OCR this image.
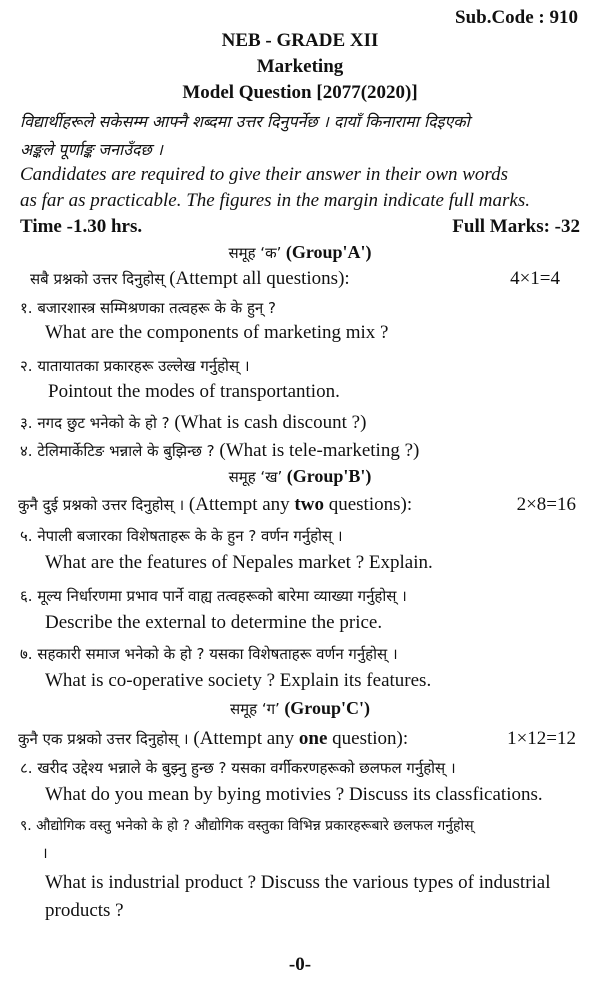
Sub.Code : 910
NEB - GRADE XII
Marketing
Model Question [2077(2020)]
विद्यार्थीहरूले सकेसम्म आफ्नै शब्दमा उत्तर दिनुपर्नेछ । दायाँ किनारामा दिइएको
अङ्कले पूर्णाङ्क जनाउँदछ ।
Candidates are required to give their answer in their own words
as far as practicable. The figures in the margin indicate full marks.
Time -1.30 hrs.	Full Marks: -32
समूह ‘क’ (Group'A')
सबै प्रश्नको उत्तर दिनुहोस् (Attempt all questions):	4×1=4
१. बजारशास्त्र सम्मिश्रणका तत्वहरू के के हुन् ?
What are the components of marketing mix ?
२. यातायातका प्रकारहरू उल्लेख गर्नुहोस् ।
Pointout the modes of transportantion.
३. नगद छुट भनेको के हो ? (What is cash discount ?)
४. टेलिमार्केटिङ भन्नाले के बुझिन्छ ? (What is tele-marketing ?)
समूह ‘ख’ (Group'B')
कुनै दुई प्रश्नको उत्तर दिनुहोस् । (Attempt any two questions):	2×8=16
५. नेपाली बजारका विशेषताहरू के के हुन ? वर्णन गर्नुहोस् ।
What are the features of Nepales market ? Explain.
६. मूल्य निर्धारणमा प्रभाव पार्ने वाह्य तत्वहरूको बारेमा व्याख्या गर्नुहोस् ।
Describe the external to determine the price.
७. सहकारी समाज भनेको के हो ? यसका विशेषताहरू वर्णन गर्नुहोस् ।
What is co-operative society ? Explain its features.
समूह ‘ग’ (Group'C')
कुनै एक प्रश्नको उत्तर दिनुहोस् । (Attempt any one question):	1×12=12
८. खरीद उद्देश्य भन्नाले के बुझ्नु हुन्छ ? यसका वर्गीकरणहरूको छलफल गर्नुहोस् ।
What do you mean by bying motivies ? Discuss its classfications.
९. औद्योगिक वस्तु भनेको के हो ? औद्योगिक वस्तुका विभिन्न प्रकारहरूबारे छलफल गर्नुहोस्
।
What is industrial product ? Discuss the various types of industrial
products ?
-0-
